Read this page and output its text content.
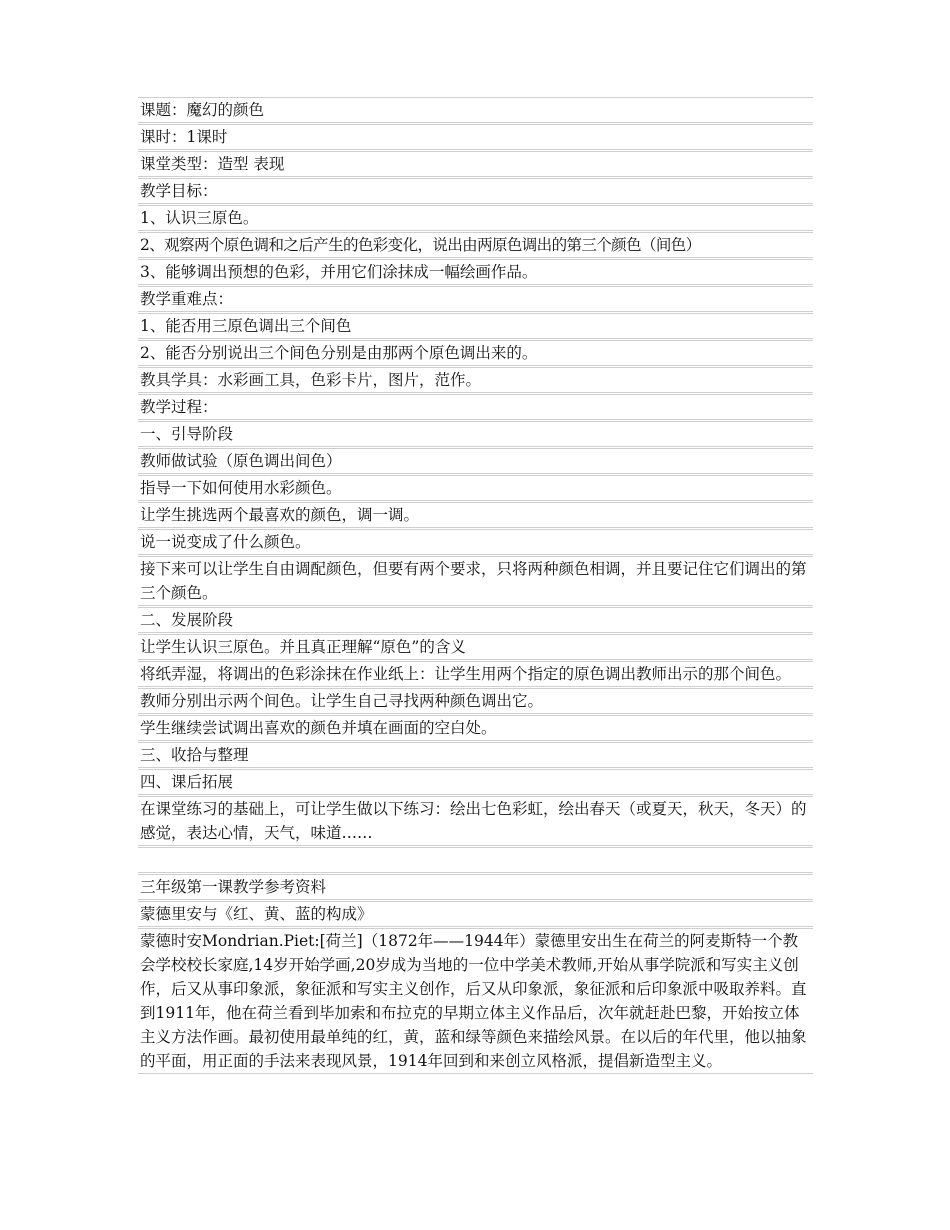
课题：魔幻的颜色
课时：1课时
课堂类型：造型 表现
教学目标：
1、认识三原色。
2、观察两个原色调和之后产生的色彩变化，说出由两原色调出的第三个颜色（间色）
3、能够调出预想的色彩，并用它们涂抹成一幅绘画作品。
教学重难点：
1、能否用三原色调出三个间色
2、能否分别说出三个间色分别是由那两个原色调出来的。
教具学具：水彩画工具，色彩卡片，图片，范作。
教学过程：
一、引导阶段
教师做试验（原色调出间色）
指导一下如何使用水彩颜色。
让学生挑选两个最喜欢的颜色，调一调。
说一说变成了什么颜色。
接下来可以让学生自由调配颜色，但要有两个要求，只将两种颜色相调，并且要记住它们调出的第三个颜色。
二、发展阶段
让学生认识三原色。并且真正理解“原色”的含义
将纸弄湿，将调出的色彩涂抹在作业纸上：让学生用两个指定的原色调出教师出示的那个间色。
教师分别出示两个间色。让学生自己寻找两种颜色调出它。
学生继续尝试调出喜欢的颜色并填在画面的空白处。
三、收拾与整理
四、课后拓展
在课堂练习的基础上，可让学生做以下练习：绘出七色彩虹，绘出春天（或夏天，秋天，冬天）的感觉，表达心情，天气，味道……
三年级第一课教学参考资料
蒙德里安与《红、黄、蓝的构成》
蒙德时安Mondrian.Piet:[荷兰]（1872年——1944年）蒙德里安出生在荷兰的阿麦斯特一个教会学校校长家庭,14岁开始学画,20岁成为当地的一位中学美术教师,开始从事学院派和写实主义创作，后又从事印象派，象征派和写实主义创作，后又从印象派，象征派和后印象派中吸取养料。直到1911年，他在荷兰看到毕加索和布拉克的早期立体主义作品后，次年就赶赴巴黎，开始按立体主义方法作画。最初使用最单纯的红，黄，蓝和绿等颜色来描绘风景。在以后的年代里，他以抽象的平面，用正面的手法来表现风景，1914年回到和来创立风格派，提倡新造型主义。
